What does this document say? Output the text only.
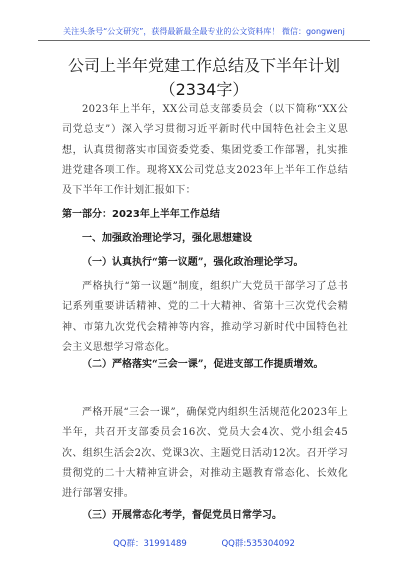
关注头条号“公文研究”，获得最新最全最专业的公文资料库！ 微信：gongwenj
公司上半年党建工作总结及下半年计划
（2334字）

2023年上半年，XX公司总支部委员会（以下简称“XX公司党总支”）深入学习贯彻习近平新时代中国特色社会主义思想，认真贯彻落实市国资委党委、集团党委工作部署，扎实推进党建各项工作。现将XX公司党总支2023年上半年工作总结及下半年工作计划汇报如下：

第一部分：2023年上半年工作总结
一、加强政治理论学习，强化思想建设

（一）认真执行“第一议题”，强化政治理论学习。

严格执行“第一议题”制度，组织广大党员干部学习了总书记系列重要讲话精神、党的二十大精神、省第十三次党代会精神、市第九次党代会精神等内容，推动学习新时代中国特色社会主义思想学习常态化。

（二）严格落实“三会一课”，促进支部工作提质增效。

严格开展“三会一课”，确保党内组织生活规范化2023年上半年，共召开支部委员会16次、党员大会4次、党小组会45次、组织生活会2次、党课3次、主题党日活动12次。召开学习贯彻党的二十大精神宣讲会，对推动主题教育常态化、长效化进行部署安排。

（三）开展常态化考学，督促党员日常学习。

QQ群：31991489	QQ群:535304092
